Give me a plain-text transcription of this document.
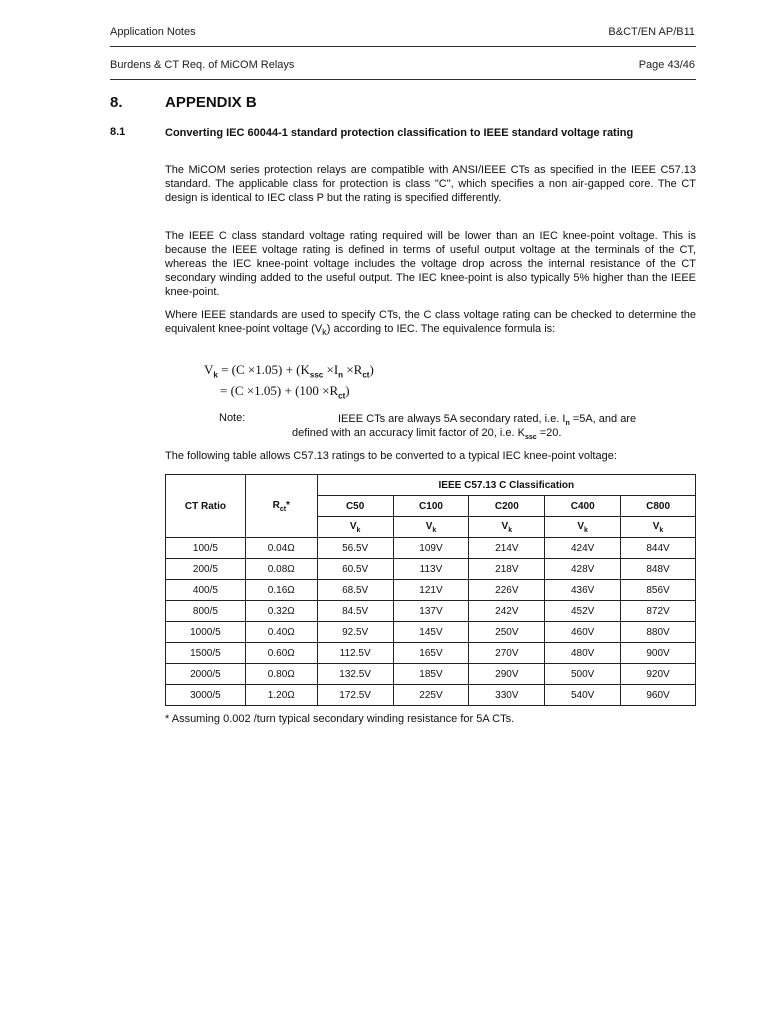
Application Notes	B&CT/EN AP/B11
Burdens & CT Req. of MiCOM Relays	Page 43/46
8.	APPENDIX B
8.1	Converting IEC 60044-1 standard protection classification to IEEE standard voltage rating
The MiCOM series protection relays are compatible with ANSI/IEEE CTs as specified in the IEEE C57.13 standard. The applicable class for protection is class "C", which specifies a non air-gapped core. The CT design is identical to IEC class P but the rating is specified differently.
The IEEE C class standard voltage rating required will be lower than an IEC knee-point voltage. This is because the IEEE voltage rating is defined in terms of useful output voltage at the terminals of the CT, whereas the IEC knee-point voltage includes the voltage drop across the internal resistance of the CT secondary winding added to the useful output. The IEC knee-point is also typically 5% higher than the IEEE knee-point.
Where IEEE standards are used to specify CTs, the C class voltage rating can be checked to determine the equivalent knee-point voltage $(V_k)$ according to IEC. The equivalence formula is:
$V_k = (C \times 1.05) + (K_{ssc} \times I_n \times R_{ct})$
= $(C \times 1.05) + (100 \times R_{ct})$
Note:	IEEE CTs are always 5A secondary rated, i.e. $I_n =5A$, and are
defined with an accuracy limit factor of 20, i.e. $K_{ssc} =20$.
The following table allows C57.13 ratings to be converted to a typical IEC knee-point voltage:
CT Ratio	$R_{ct}*$	IEEE C57.13 C Classification				
		C50	C100	C200	C400	C800
		$V_k$	$V_k$	$V_k$	$V_k$	$V_k$
100/5	0.04Ω	56.5V	109V	214V	424V	844V
200/5	0.08Ω	60.5V	113V	218V	428V	848V
400/5	0.16Ω	68.5V	121V	226V	436V	856V
800/5	0.32Ω	84.5V	137V	242V	452V	872V
1000/5	0.40Ω	92.5V	145V	250V	460V	880V
1500/5	0.60Ω	112.5V	165V	270V	480V	900V
2000/5	0.80Ω	132.5V	185V	290V	500V	920V
3000/5	1.20Ω	172.5V	225V	330V	540V	960V
* Assuming 0.002 /turn typical secondary winding resistance for 5A CTs.
